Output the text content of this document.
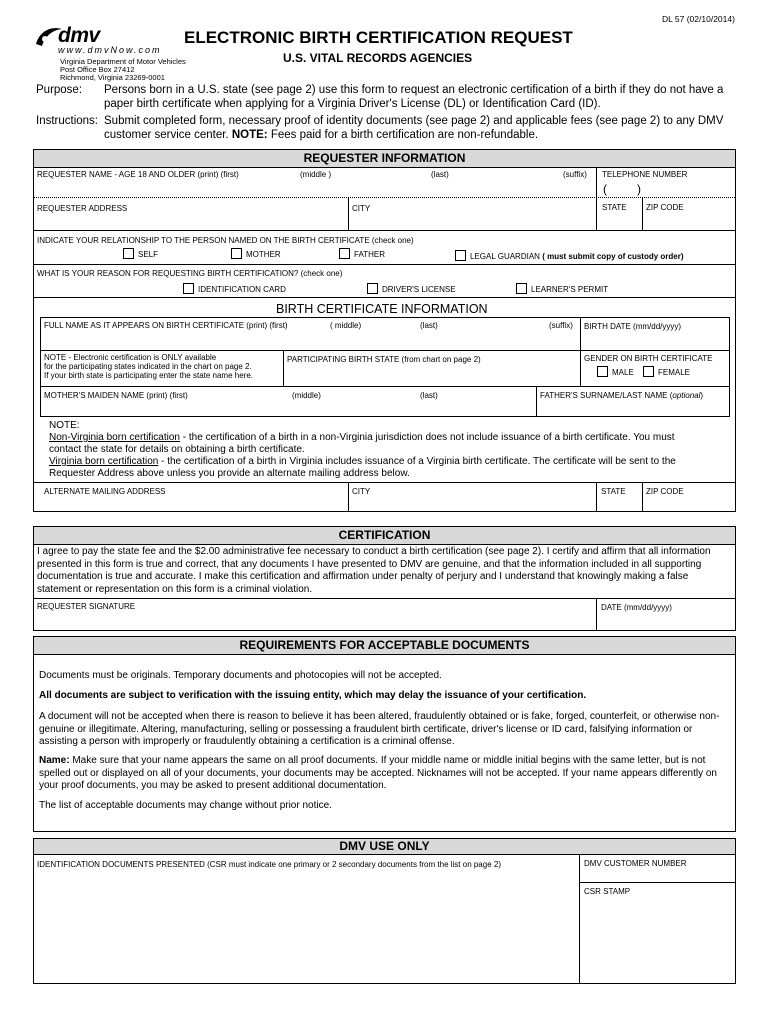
DL 57 (02/10/2014)
dmv
www.dmvNow.com
Virginia Department of Motor Vehicles
Post Office Box 27412
Richmond, Virginia 23269-0001
ELECTRONIC BIRTH CERTIFICATION REQUEST
U.S. VITAL RECORDS AGENCIES
Purpose: Persons born in a U.S. state (see page 2) use this form to request an electronic certification of a birth if they do not have a
paper birth certificate when applying for a Virginia Driver's License (DL) or Identification Card (ID).
Instructions: Submit completed form, necessary proof of identity documents (see page 2) and applicable fees (see page 2) to any DMV
customer service center. NOTE: Fees paid for a birth certification are non-refundable.
REQUESTER INFORMATION
REQUESTER NAME - AGE 18 AND OLDER (print) (first)	(middle )	(last)	(suffix) TELEPHONE NUMBER
(	)
REQUESTER ADDRESS	CITY	STATE ZIP CODE
INDICATE YOUR RELATIONSHIP TO THE PERSON NAMED ON THE BIRTH CERTIFICATE (check one)
SELF	MOTHER	FATHER	LEGAL GUARDIAN ( must submit copy of custody order)
WHAT IS YOUR REASON FOR REQUESTING BIRTH CERTIFICATION? (check one)
IDENTIFICATION CARD	DRIVER'S LICENSE	LEARNER'S PERMIT
BIRTH CERTIFICATE INFORMATION
FULL NAME AS IT APPEARS ON BIRTH CERTIFICATE (print) (first)	( middle)	(last)	(suffix) BIRTH DATE (mm/dd/yyyy)
NOTE - Electronic certification is ONLY available
for the participating states indicated in the chart on page 2.
If your birth state is participating enter the state name here.
PARTICIPATING BIRTH STATE (from chart on page 2)	GENDER ON BIRTH CERTIFICATE
MALE	FEMALE
MOTHER'S MAIDEN NAME (print) (first)	(middle)	(last)	FATHER'S SURNAME/LAST NAME (optional)
NOTE:
Non-Virginia born certification - the certification of a birth in a non-Virginia jurisdiction does not include issuance of a birth certificate. You must
contact the state for details on obtaining a birth certificate.
Virginia born certification - the certification of a birth in Virginia includes issuance of a Virginia birth certificate. The certificate will be sent to the
Requester Address above unless you provide an alternate mailing address below.
ALTERNATE MAILING ADDRESS	CITY	STATE	ZIP CODE
CERTIFICATION
I agree to pay the state fee and the $2.00 administrative fee necessary to conduct a birth certification (see page 2). I certify and affirm that all information
presented in this form is true and correct, that any documents I have presented to DMV are genuine, and that the information included in all supporting
documentation is true and accurate. I make this certification and affirmation under penalty of perjury and I understand that knowingly making a false
statement or representation on this form is a criminal violation.
REQUESTER SIGNATURE	DATE (mm/dd/yyyy)
REQUIREMENTS FOR ACCEPTABLE DOCUMENTS
Documents must be originals. Temporary documents and photocopies will not be accepted.
All documents are subject to verification with the issuing entity, which may delay the issuance of your certification.
A document will not be accepted when there is reason to believe it has been altered, fraudulently obtained or is fake, forged, counterfeit, or otherwise non-
genuine or illegitimate. Altering, manufacturing, selling or possessing a fraudulent birth certificate, driver's license or ID card, falsifying information or
assisting a person with improperly or fraudulently obtaining a certification is a criminal offense.
Name: Make sure that your name appears the same on all proof documents. If your middle name or middle initial begins with the same letter, but is not
spelled out or displayed on all of your documents, your documents may be accepted. Nicknames will not be accepted. If your name appears differently on
your proof documents, you may be asked to present additional documentation.
The list of acceptable documents may change without prior notice.
DMV USE ONLY
IDENTIFICATION DOCUMENTS PRESENTED (CSR must indicate one primary or 2 secondary documents from the list on page 2)	DMV CUSTOMER NUMBER
CSR STAMP
